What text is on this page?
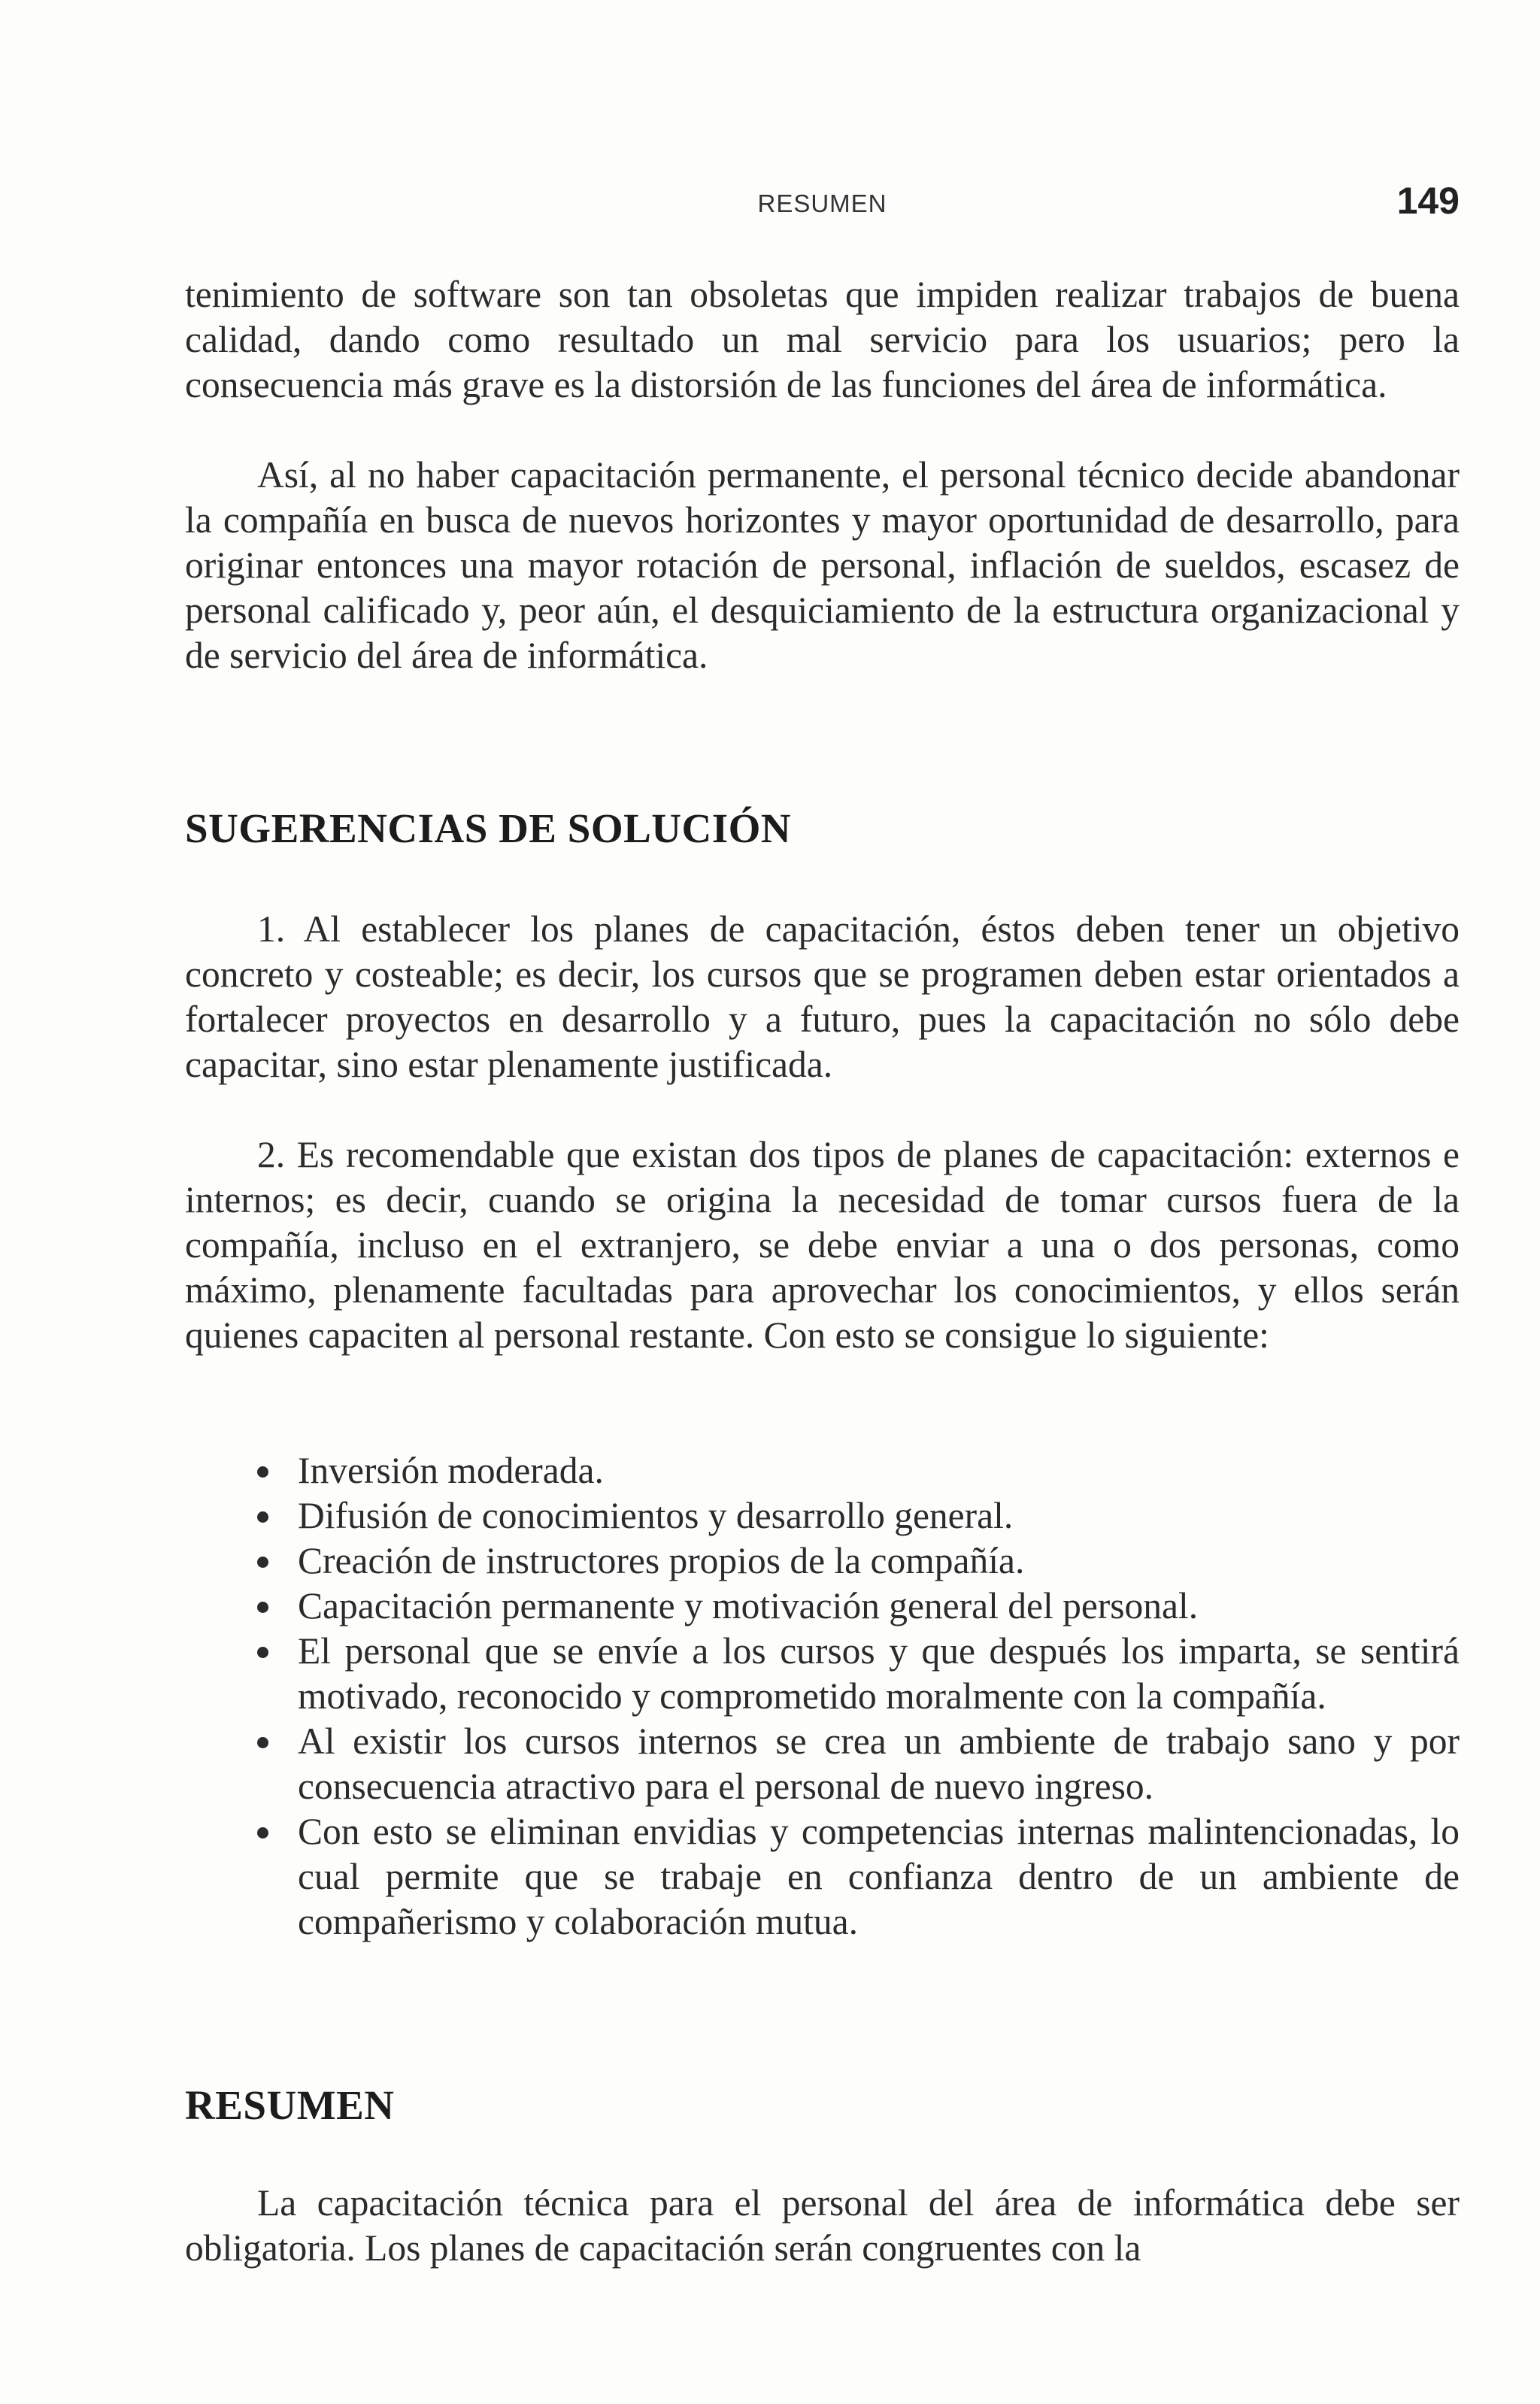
RESUMEN	149

tenimiento de software son tan obsoletas que impiden realizar trabajos de buena calidad, dando como resultado un mal servicio para los usuarios; pero la consecuencia más grave es la distorsión de las funciones del área de informática.

Así, al no haber capacitación permanente, el personal técnico decide abandonar la compañía en busca de nuevos horizontes y mayor oportunidad de desarrollo, para originar entonces una mayor rotación de personal, inflación de sueldos, escasez de personal calificado y, peor aún, el desquiciamiento de la estructura organizacional y de servicio del área de informática.

SUGERENCIAS DE SOLUCIÓN

1. Al establecer los planes de capacitación, éstos deben tener un objetivo concreto y costeable; es decir, los cursos que se programen deben estar orientados a fortalecer proyectos en desarrollo y a futuro, pues la capacitación no sólo debe capacitar, sino estar plenamente justificada.

2. Es recomendable que existan dos tipos de planes de capacitación: externos e internos; es decir, cuando se origina la necesidad de tomar cursos fuera de la compañía, incluso en el extranjero, se debe enviar a una o dos personas, como máximo, plenamente facultadas para aprovechar los conocimientos, y ellos serán quienes capaciten al personal restante. Con esto se consigue lo siguiente:

Inversión moderada.
Difusión de conocimientos y desarrollo general.
Creación de instructores propios de la compañía.
Capacitación permanente y motivación general del personal.
El personal que se envíe a los cursos y que después los imparta, se sentirá motivado, reconocido y comprometido moralmente con la compañía.
Al existir los cursos internos se crea un ambiente de trabajo sano y por consecuencia atractivo para el personal de nuevo ingreso.
Con esto se eliminan envidias y competencias internas malintencionadas, lo cual permite que se trabaje en confianza dentro de un ambiente de compañerismo y colaboración mutua.
RESUMEN

La capacitación técnica para el personal del área de informática debe ser obligatoria. Los planes de capacitación serán congruentes con la
